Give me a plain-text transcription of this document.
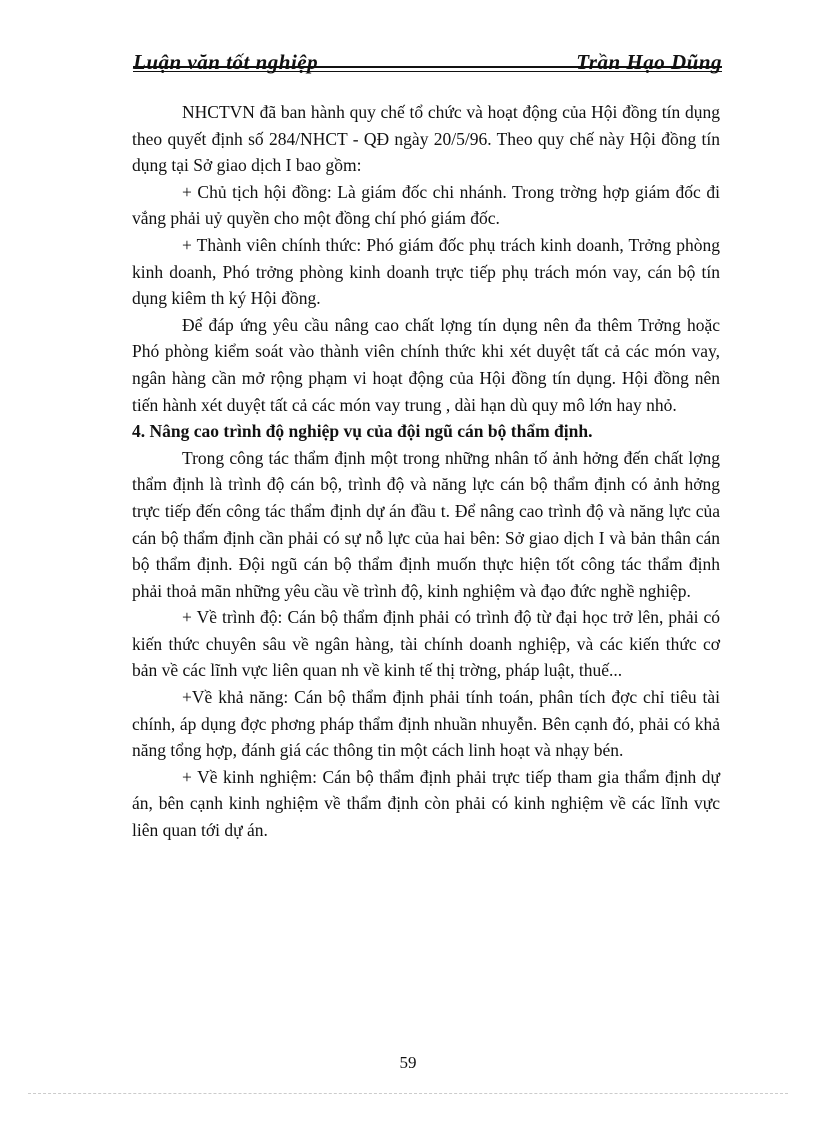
Luận văn tốt nghiệp	Trần Hạo Dũng

NHCTVN đã ban hành quy chế tổ chức và hoạt động của Hội đồng tín dụng theo quyết định số 284/NHCT - QĐ ngày 20/5/96. Theo quy chế này Hội đồng tín dụng tại Sở giao dịch I bao gồm:

+ Chủ tịch hội đồng: Là giám đốc chi nhánh. Trong trờng hợp giám đốc đi vắng phải uỷ quyền cho một đồng chí phó giám đốc.

+ Thành viên chính thức: Phó giám đốc phụ trách kinh doanh, Trởng phòng kinh doanh, Phó trởng phòng kinh doanh trực tiếp phụ trách món vay, cán bộ tín dụng kiêm th ký Hội đồng.

Để đáp ứng yêu cầu nâng cao chất lợng tín dụng nên đa thêm Trởng hoặc Phó phòng kiểm soát vào thành viên chính thức khi xét duyệt tất cả các món vay, ngân hàng cần mở rộng phạm vi hoạt động của Hội đồng tín dụng. Hội đồng nên tiến hành xét duyệt tất cả các món vay trung , dài hạn dù quy mô lớn hay nhỏ.

4. Nâng cao trình độ nghiệp vụ của đội ngũ cán bộ thẩm định.

Trong công tác thẩm định một trong những nhân tố ảnh hởng đến chất lợng thẩm định là trình độ cán bộ, trình độ và năng lực cán bộ thẩm định có ảnh hởng trực tiếp đến công tác thẩm định dự án đầu t. Để nâng cao trình độ và năng lực của cán bộ thẩm định cần phải có sự nỗ lực của hai bên: Sở giao dịch I và bản thân cán bộ thẩm định. Đội ngũ cán bộ thẩm định muốn thực hiện tốt công tác thẩm định phải thoả mãn những yêu cầu về trình độ, kinh nghiệm và đạo đức nghề nghiệp.

+ Về trình độ: Cán bộ thẩm định phải có trình độ từ đại học trở lên, phải có kiến thức chuyên sâu về ngân hàng, tài chính doanh nghiệp, và các kiến thức cơ bản về các lĩnh vực liên quan nh về kinh tế thị trờng, pháp luật, thuế...

+Về khả năng: Cán bộ thẩm định phải tính toán, phân tích đợc chỉ tiêu tài chính, áp dụng đợc phơng pháp thẩm định nhuần nhuyễn. Bên cạnh đó, phải có khả năng tổng hợp, đánh giá các thông tin một cách linh hoạt và nhạy bén.

+ Về kinh nghiệm: Cán bộ thẩm định phải trực tiếp tham gia thẩm định dự án, bên cạnh kinh nghiệm về thẩm định còn phải có kinh nghiệm về các lĩnh vực liên quan tới dự án.

59
